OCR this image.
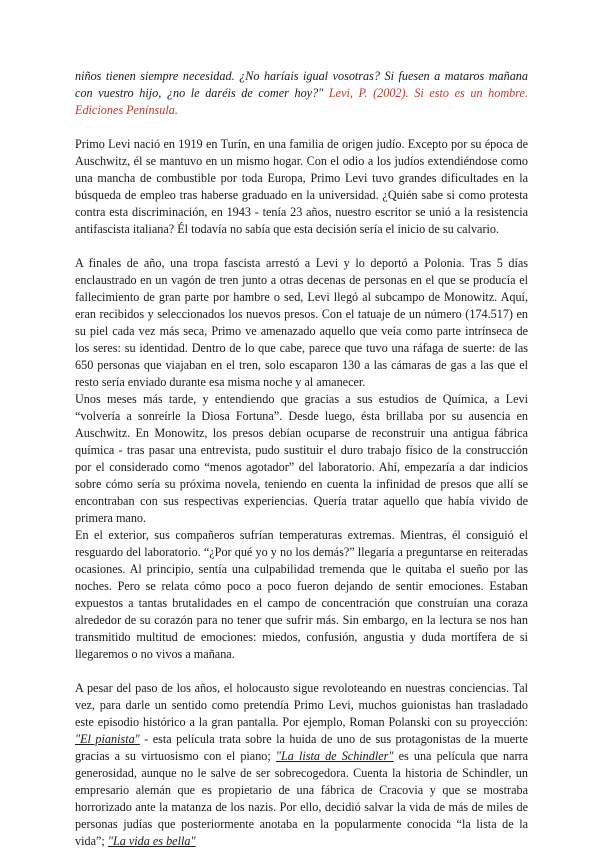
niños tienen siempre necesidad. ¿No haríais igual vosotras? Si fuesen a mataros mañana con vuestro hijo, ¿no le daréis de comer hoy?" Levi, P. (2002). Si esto es un hombre. Ediciones Península.

Primo Levi nació en 1919 en Turín, en una familia de origen judío. Excepto por su época de Auschwitz, él se mantuvo en un mismo hogar. Con el odio a los judíos extendiéndose como una mancha de combustible por toda Europa, Primo Levi tuvo grandes dificultades en la búsqueda de empleo tras haberse graduado en la universidad. ¿Quién sabe si como protesta contra esta discriminación, en 1943 - tenía 23 años, nuestro escritor se unió a la resistencia antifascista italiana? Él todavía no sabía que esta decisión sería el inicio de su calvario.

A finales de año, una tropa fascista arrestó a Levi y lo deportó a Polonia. Tras 5 días enclaustrado en un vagón de tren junto a otras decenas de personas en el que se producía el fallecimiento de gran parte por hambre o sed, Levi llegó al subcampo de Monowitz. Aquí, eran recibidos y seleccionados los nuevos presos. Con el tatuaje de un número (174.517) en su piel cada vez más seca, Primo ve amenazado aquello que veía como parte intrínseca de los seres: su identidad. Dentro de lo que cabe, parece que tuvo una ráfaga de suerte: de las 650 personas que viajaban en el tren, solo escaparon 130 a las cámaras de gas a las que el resto sería enviado durante esa misma noche y al amanecer.

Unos meses más tarde, y entendiendo que gracias a sus estudios de Química, a Levi “volvería a sonreírle la Diosa Fortuna”. Desde luego, ésta brillaba por su ausencia en Auschwitz. En Monowitz, los presos debían ocuparse de reconstruir una antigua fábrica química - tras pasar una entrevista, pudo sustituir el duro trabajo físico de la construcción por el considerado como “menos agotador” del laboratorio. Ahí, empezaría a dar indicios sobre cómo sería su próxima novela, teniendo en cuenta la infinidad de presos que allí se encontraban con sus respectivas experiencias. Quería tratar aquello que había vivido de primera mano.

En el exterior, sus compañeros sufrían temperaturas extremas. Mientras, él consiguió el resguardo del laboratorio. “¿Por qué yo y no los demás?” llegaría a preguntarse en reiteradas ocasiones. Al principio, sentía una culpabilidad tremenda que le quitaba el sueño por las noches. Pero se relata cómo poco a poco fueron dejando de sentir emociones. Estaban expuestos a tantas brutalidades en el campo de concentración que construían una coraza alrededor de su corazón para no tener que sufrir más. Sin embargo, en la lectura se nos han transmitido multitud de emociones: miedos, confusión, angustia y duda mortífera de si llegaremos o no vivos a mañana.

A pesar del paso de los años, el holocausto sigue revoloteando en nuestras conciencias. Tal vez, para darle un sentido como pretendía Primo Levi, muchos guionistas han trasladado este episodio histórico a la gran pantalla. Por ejemplo, Roman Polanski con su proyección: "El pianista" - esta película trata sobre la huida de uno de sus protagonistas de la muerte gracias a su virtuosismo con el piano; "La lista de Schindler" es una película que narra generosidad, aunque no le salve de ser sobrecogedora. Cuenta la historia de Schindler, un empresario alemán que es propietario de una fábrica de Cracovia y que se mostraba horrorizado ante la matanza de los nazis. Por ello, decidió salvar la vida de más de miles de personas judías que posteriormente anotaba en la popularmente conocida “la lista de la vida”; "La vida es bella"
